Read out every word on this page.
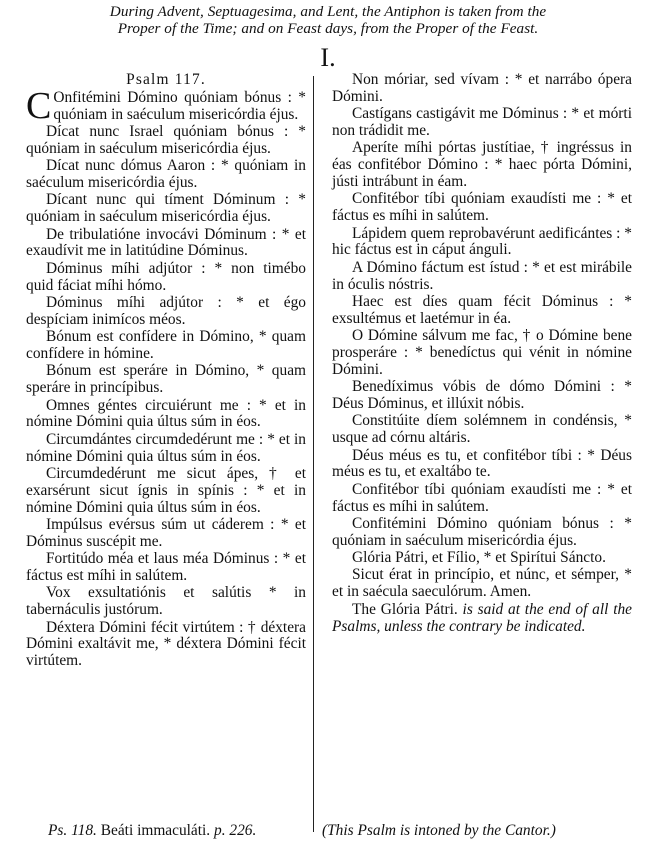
During Advent, Septuagesima, and Lent, the Antiphon is taken from the
Proper of the Time; and on Feast days, from the Proper of the Feast.
I.
Psalm 117.

C Onfitémini Dómino quóniam bónus : * quóniam in saéculum misericórdia éjus.

Dícat nunc Israel quóniam bónus : * quóniam in saéculum misericórdia éjus.

Dícat nunc dómus Aaron : * quóniam in saéculum misericórdia éjus.

Dícant nunc qui tíment Dóminum : * quóniam in saéculum misericórdia éjus.

De tribulatióne invocávi Dóminum : * et exaudívit me in latitúdine Dóminus.

Dóminus míhi adjútor : * non timébo quid fáciat míhi hómo.

Dóminus míhi adjútor : * et égo despíciam inimícos méos.

Bónum est confídere in Dómino, * quam confídere in hómine.

Bónum est speráre in Dómino, * quam speráre in princípibus.

Omnes géntes circuiérunt me : * et in nómine Dómini quia últus súm in éos.

Circumdántes circumdedérunt me : * et in nómine Dómini quia últus súm in éos.

Circumdedérunt me sicut ápes, † et exarsérunt sicut ígnis in spínis : * et in nómine Dómini quia últus súm in éos.

Impúlsus evérsus súm ut cáderem : * et Dóminus suscépit me.

Fortitúdo méa et laus méa Dóminus : * et fáctus est míhi in salútem.

Vox exsultatiónis et salútis * in tabernáculis justórum.

Déxtera Dómini fécit virtútem : † déxtera Dómini exaltávit me, * déxtera Dómini fécit virtútem.

Non móriar, sed vívam : * et narrábo ópera Dómini.

Castígans castigávit me Dóminus : * et mórti non trádidit me.

Aperíte míhi pórtas justítiae, † ingréssus in éas confitébor Dómino : * haec pórta Dómini, jústi intrábunt in éam.

Confitébor tíbi quóniam exaudísti me : * et fáctus es míhi in salútem.

Lápidem quem reprobavérunt aedificántes : * hic fáctus est in cáput ánguli.

A Dómino fáctum est ístud : * et est mirábile in óculis nóstris.

Haec est díes quam fécit Dóminus : * exsultémus et laetémur in éa.

O Dómine sálvum me fac, † o Dómine bene prosperáre : * benedíctus qui vénit in nómine Dómini.

Benedíximus vóbis de dómo Dómini : * Déus Dóminus, et illúxit nóbis.

Constitúite díem solémnem in condénsis, * usque ad córnu altáris.

Déus méus es tu, et confitébor tíbi : * Déus méus es tu, et exaltábo te.

Confitébor tíbi quóniam exaudísti me : * et fáctus es míhi in salútem.

Confitémini Dómino quóniam bónus : * quóniam in saéculum misericórdia éjus.

Glória Pátri, et Fílio, * et Spirítui Sáncto.

Sicut érat in princípio, et núnc, et sémper, * et in saécula saeculórum. Amen.

The Glória Pátri. is said at the end of all the Psalms, unless the contrary be indicated.

Ps. 118. Beáti immaculáti. p. 226.	(This Psalm is intoned by the Cantor.)
